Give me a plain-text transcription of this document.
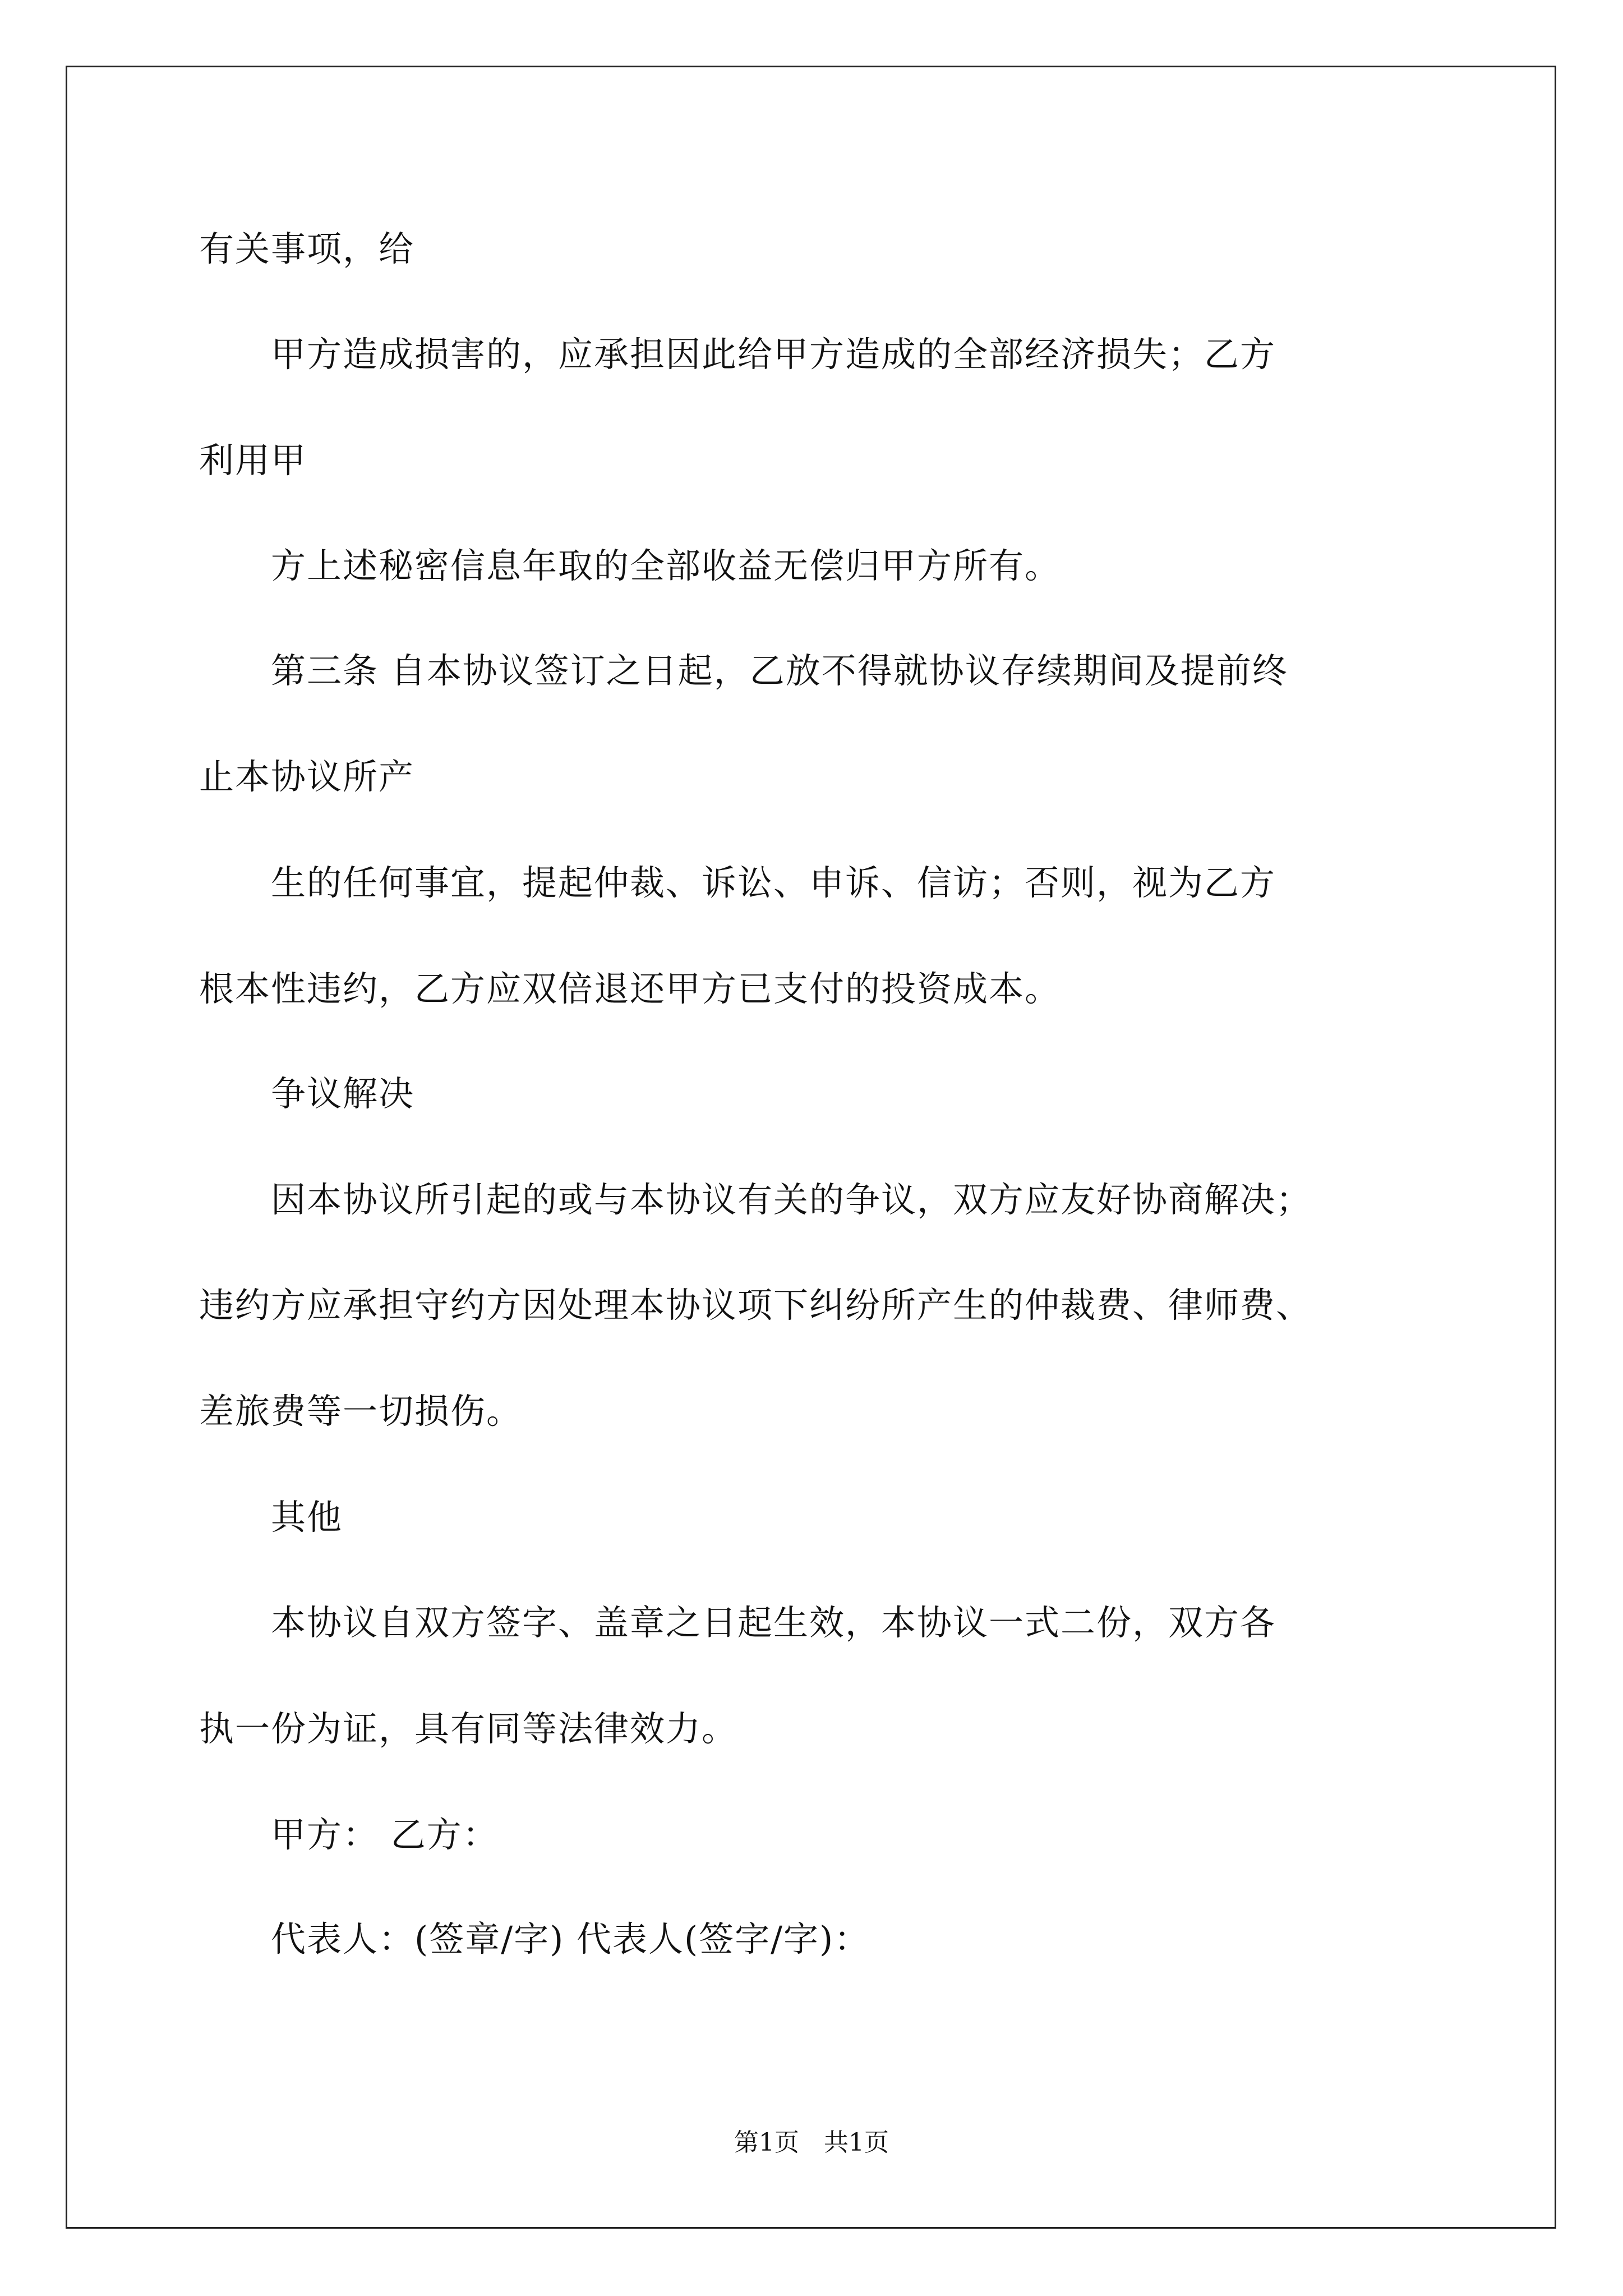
有关事项，给
　　甲方造成损害的，应承担因此给甲方造成的全部经济损失；乙方
利用甲
　　方上述秘密信息年取的全部收益无偿归甲方所有。
　　第三条 自本协议签订之日起，乙放不得就协议存续期间及提前终
止本协议所产
　　生的任何事宜，提起仲裁、诉讼、申诉、信访；否则，视为乙方
根本性违约，乙方应双倍退还甲方已支付的投资成本。
　　争议解决
　　因本协议所引起的或与本协议有关的争议，双方应友好协商解决；
违约方应承担守约方因处理本协议项下纠纷所产生的仲裁费、律师费、
差旅费等一切损伤。
　　其他
　　本协议自双方签字、盖章之日起生效，本协议一式二份，双方各
执一份为证，具有同等法律效力。
　　甲方： 乙方：
　　代表人：(签章/字) 代表人(签字/字)：
第1页　共1页
